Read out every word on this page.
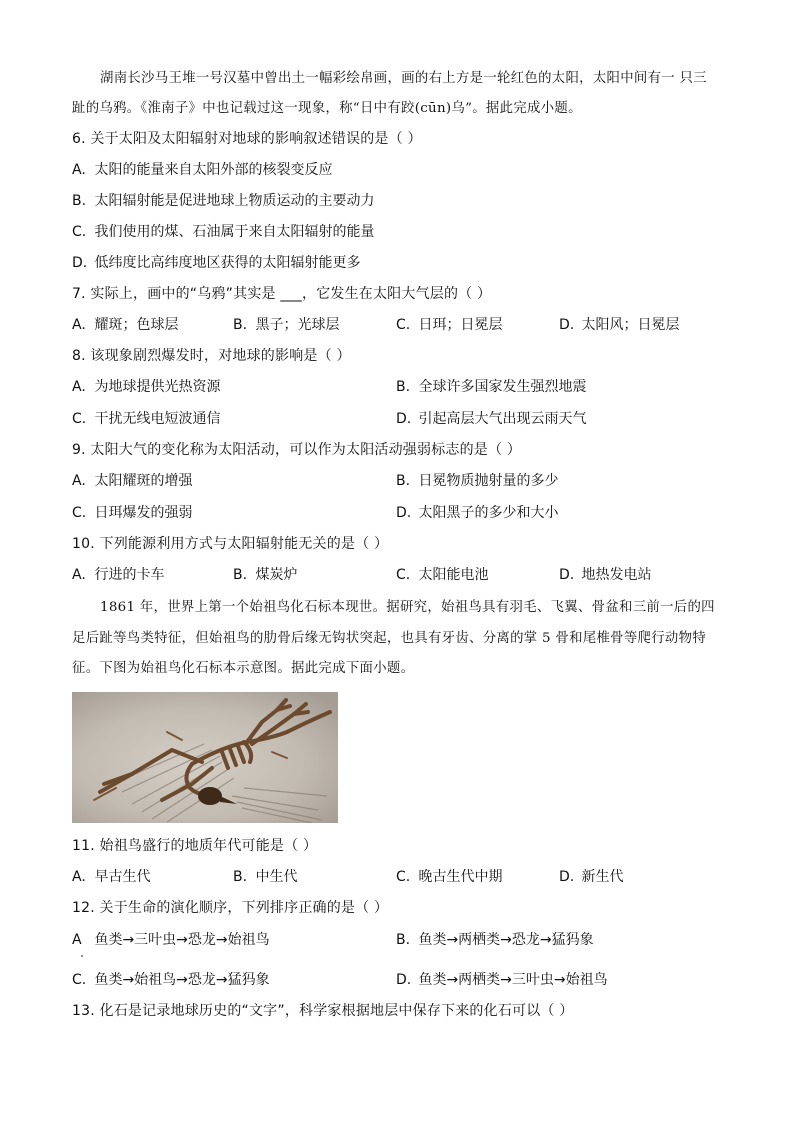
湖南长沙马王堆一号汉墓中曾出土一幅彩绘帛画，画的右上方是一轮红色的太阳，太阳中间有一 只三
趾的乌鸦。《淮南子》中也记载过这一现象，称“日中有跤(cūn)乌”。据此完成小题。
6. 关于太阳及太阳辐射对地球的影响叙述错误的是（ ）
A. 太阳的能量来自太阳外部的核裂变反应
B. 太阳辐射能是促进地球上物质运动的主要动力
C. 我们使用的煤、石油属于来自太阳辐射的能量
D. 低纬度比高纬度地区获得的太阳辐射能更多
7. 实际上，画中的“乌鸦”其实是 ___，它发生在太阳大气层的（ ）
A. 耀斑；色球层	B. 黑子；光球层	C. 日珥；日冕层	D. 太阳风；日冕层
8. 该现象剧烈爆发时，对地球的影响是（ ）
A. 为地球提供光热资源	B. 全球许多国家发生强烈地震
C. 干扰无线电短波通信	D. 引起高层大气出现云雨天气
9. 太阳大气的变化称为太阳活动，可以作为太阳活动强弱标志的是（ ）
A. 太阳耀斑的增强	B. 日冕物质抛射量的多少
C. 日珥爆发的强弱	D. 太阳黑子的多少和大小
10. 下列能源利用方式与太阳辐射能无关的是（ ）
A. 行进的卡车	B. 煤炭炉	C. 太阳能电池	D. 地热发电站
1861 年，世界上第一个始祖鸟化石标本现世。据研究，始祖鸟具有羽毛、飞翼、骨盆和三前一后的四
足后趾等鸟类特征，但始祖鸟的肋骨后缘无钩状突起，也具有牙齿、分离的掌 5 骨和尾椎骨等爬行动物特
征。下图为始祖鸟化石标本示意图。据此完成下面小题。
11. 始祖鸟盛行的地质年代可能是（ ）
A. 早古生代	B. 中生代	C. 晚古生代中期	D. 新生代
12. 关于生命的演化顺序，下列排序正确的是（ ）
A 鱼类→三叶虫→恐龙→始祖鸟	B. 鱼类→两栖类→恐龙→猛犸象
C. 鱼类→始祖鸟→恐龙→猛犸象	D. 鱼类→两栖类→三叶虫→始祖鸟
13. 化石是记录地球历史的“文字”，科学家根据地层中保存下来的化石可以（ ）
